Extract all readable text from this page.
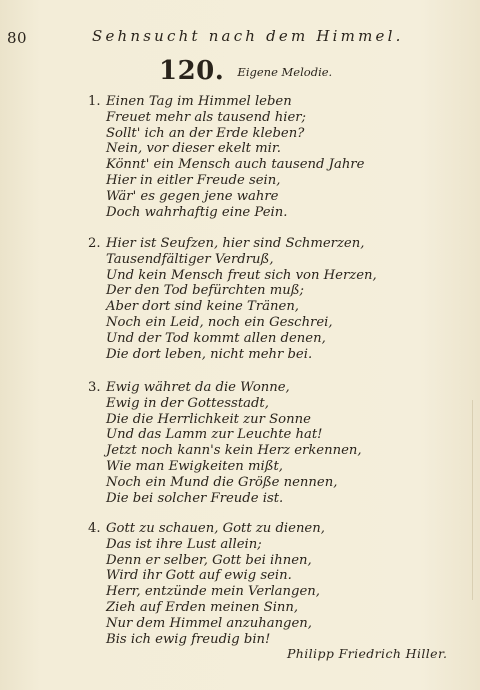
80	Sehnsucht nach dem Himmel.
120. Eigene Melodie.
1. Einen Tag im Himmel leben
Freuet mehr als tausend hier;
Sollt' ich an der Erde kleben?
Nein, vor dieser ekelt mir.
Könnt' ein Mensch auch tausend Jahre
Hier in eitler Freude sein,
Wär' es gegen jene wahre
Doch wahrhaftig eine Pein.
2. Hier ist Seufzen, hier sind Schmerzen,
Tausendfältiger Verdruß,
Und kein Mensch freut sich von Herzen,
Der den Tod befürchten muß;
Aber dort sind keine Tränen,
Noch ein Leid, noch ein Geschrei,
Und der Tod kommt allen denen,
Die dort leben, nicht mehr bei.
3. Ewig währet da die Wonne,
Ewig in der Gottesstadt,
Die die Herrlichkeit zur Sonne
Und das Lamm zur Leuchte hat!
Jetzt noch kann's kein Herz erkennen,
Wie man Ewigkeiten mißt,
Noch ein Mund die Größe nennen,
Die bei solcher Freude ist.
4. Gott zu schauen, Gott zu dienen,
Das ist ihre Lust allein;
Denn er selber, Gott bei ihnen,
Wird ihr Gott auf ewig sein.
Herr, entzünde mein Verlangen,
Zieh auf Erden meinen Sinn,
Nur dem Himmel anzuhangen,
Bis ich ewig freudig bin!
Philipp Friedrich Hiller.
